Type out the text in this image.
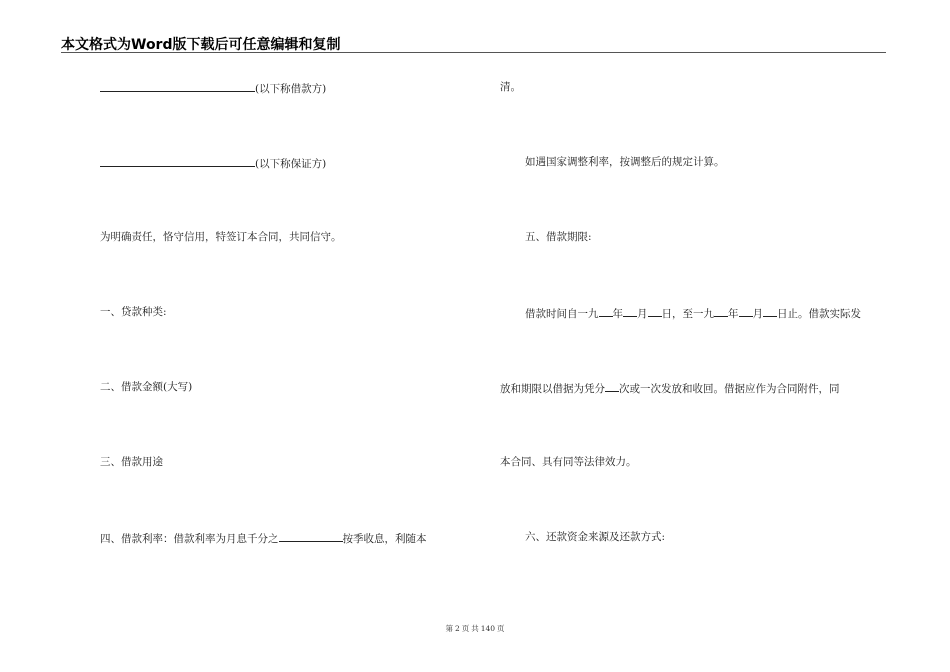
本文格式为Word版下载后可任意编辑和复制
(以下称借款方)
(以下称保证方)
为明确责任，恪守信用，特签订本合同，共同信守。
一、贷款种类:
二、借款金额(大写)
三、借款用途
四、借款利率：借款利率为月息千分之	按季收息，利随本
清。
如遇国家调整利率，按调整后的规定计算。
五、借款期限:
借款时间自一九 年 月 日，至一九 年 月 日止。借款实际发
放和期限以借据为凭分 次或一次发放和收回。借据应作为合同附件，同
本合同、具有同等法律效力。
六、还款资金来源及还款方式:
第 2 页 共 140 页
